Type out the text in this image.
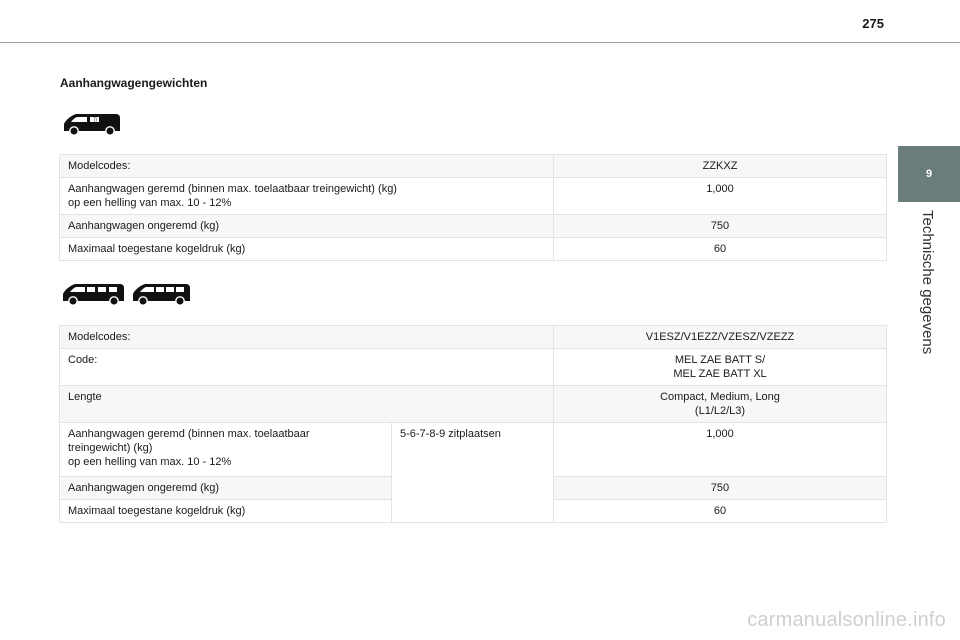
275
9
Technische gegevens
Aanhangwagengewichten
7/
Modelcodes:	ZZKXZ

Aanhangwagen geremd (binnen max. toelaatbaar treingewicht) (kg)
op een helling van max. 10 - 12%	1,000
Aanhangwagen ongeremd (kg)	750
Maximaal toegestane kogeldruk (kg)	60
Modelcodes:		V1ESZ/V1EZZ/VZESZ/VZEZZ
Code:		MEL ZAE BATT S/
MEL ZAE BATT XL

Lengte		Compact, Medium, Long
(L1/L2/L3)

Aanhangwagen geremd (binnen max. toelaatbaar
treingewicht) (kg)
op een helling van max. 10 - 12%	5-6-7-8-9 zitplaatsen	1,000
Aanhangwagen ongeremd (kg)		750
Maximaal toegestane kogeldruk (kg)		60
carmanualsonline.info
